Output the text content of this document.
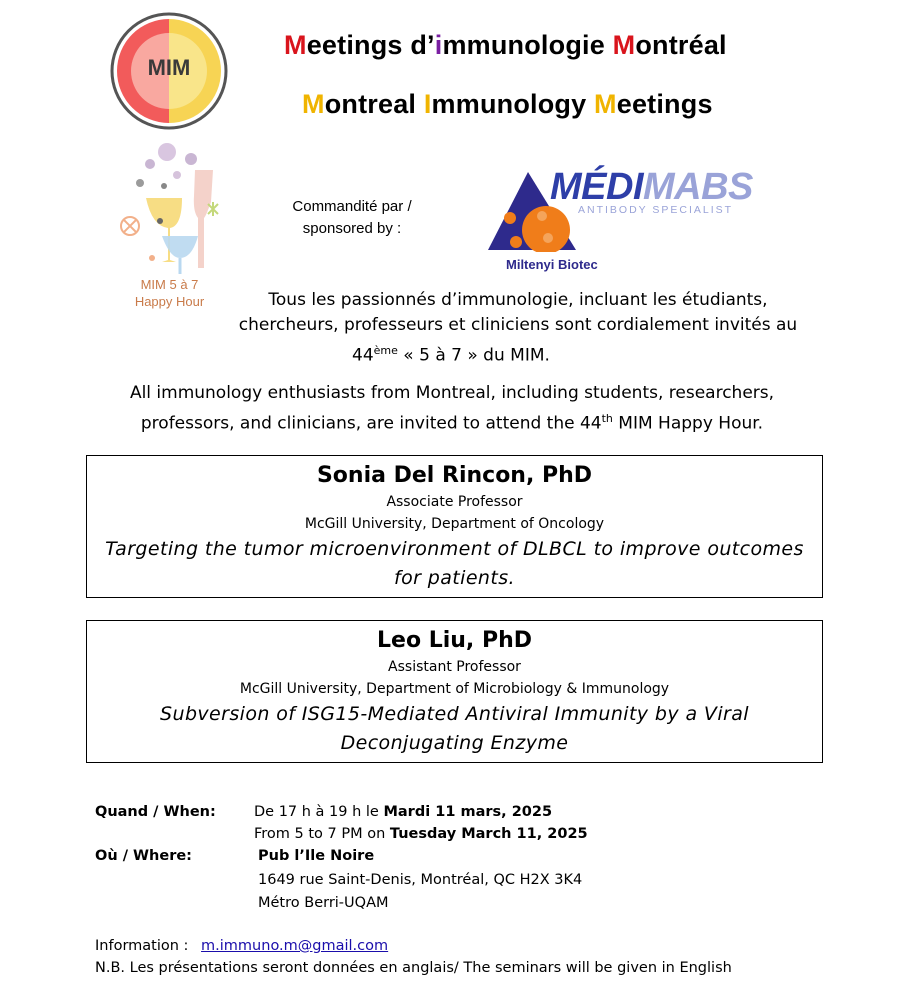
MIM
Meetings d’immunologie Montréal
Montreal Immunology Meetings
MIM 5 à 7
Happy Hour
Commandité par /
sponsored by :
MÉDIMABS
ANTIBODY SPECIALIST
Miltenyi Biotec
Tous les passionnés d’immunologie, incluant les étudiants,
chercheurs, professeurs et cliniciens sont cordialement invités au
44ème « 5 à 7 » du MIM.
All immunology enthusiasts from Montreal, including students, researchers,
professors, and clinicians, are invited to attend the 44th MIM Happy Hour.
Sonia Del Rincon, PhD
Associate Professor
McGill University, Department of Oncology
Targeting the tumor microenvironment of DLBCL to improve outcomes
for patients.
Leo Liu, PhD
Assistant Professor
McGill University, Department of Microbiology & Immunology
Subversion of ISG15-Mediated Antiviral Immunity by a Viral
Deconjugating Enzyme
Quand / When:	De 17 h à 19 h le Mardi 11 mars, 2025
From 5 to 7 PM on Tuesday March 11, 2025
Où / Where:	Pub l’Ile Noire
1649 rue Saint-Denis, Montréal, QC H2X 3K4
Métro Berri-UQAM
Information : m.immuno.m@gmail.com
N.B. Les présentations seront données en anglais/ The seminars will be given in English
